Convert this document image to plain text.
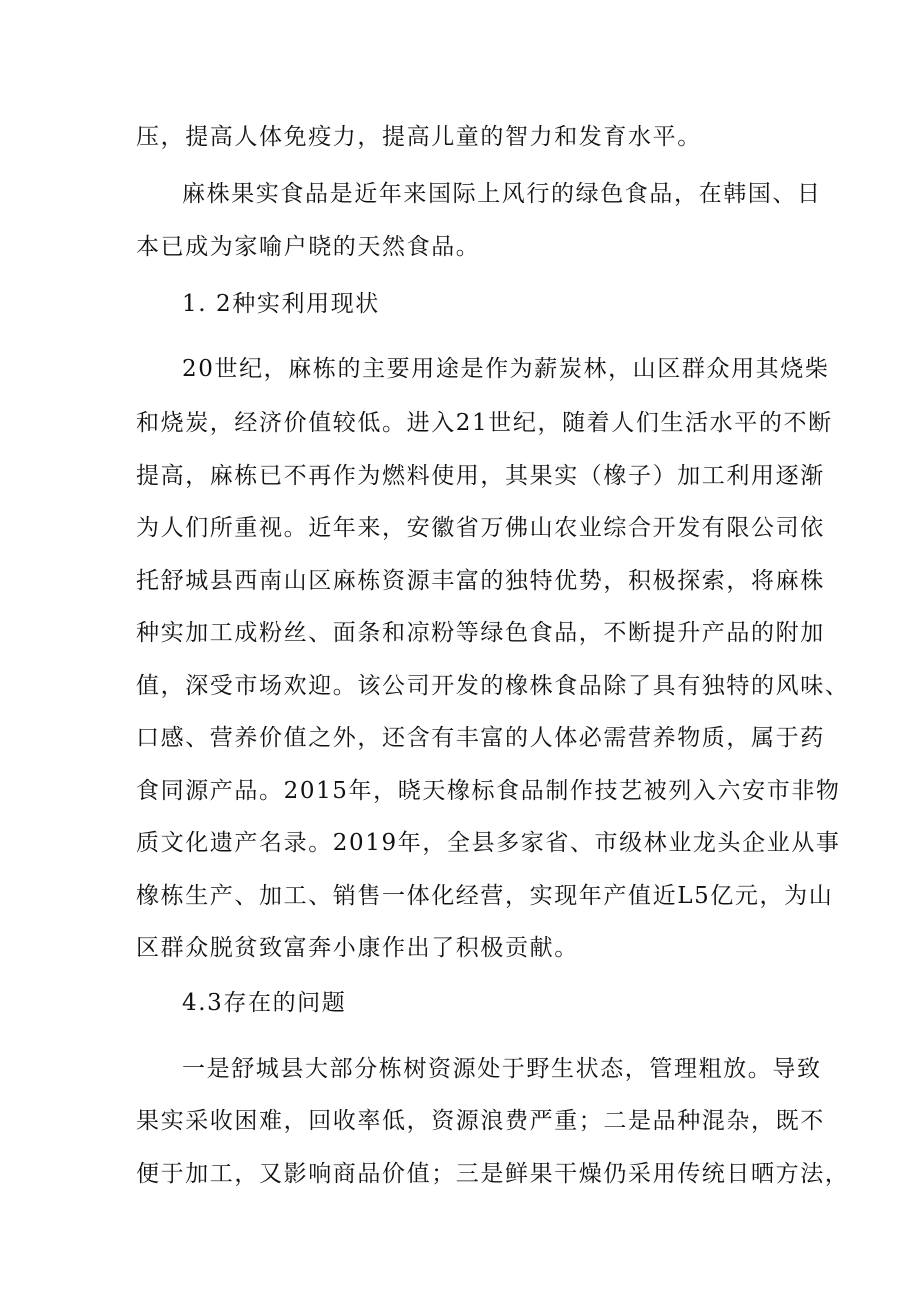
压，提高人体免疫力，提高儿童的智力和发育水平。
麻株果实食品是近年来国际上风行的绿色食品，在韩国、日
本已成为家喻户晓的天然食品。
1. 2种实利用现状
20世纪，麻栋的主要用途是作为薪炭林，山区群众用其烧柴
和烧炭，经济价值较低。进入21世纪，随着人们生活水平的不断
提高，麻栋已不再作为燃料使用，其果实（橡子）加工利用逐渐
为人们所重视。近年来，安徽省万佛山农业综合开发有限公司依
托舒城县西南山区麻栋资源丰富的独特优势，积极探索，将麻株
种实加工成粉丝、面条和凉粉等绿色食品，不断提升产品的附加
值，深受市场欢迎。该公司开发的橡株食品除了具有独特的风味、
口感、营养价值之外，还含有丰富的人体必需营养物质，属于药
食同源产品。2015年，晓天橡标食品制作技艺被列入六安市非物
质文化遗产名录。2019年，全县多家省、市级林业龙头企业从事
橡栋生产、加工、销售一体化经营，实现年产值近L5亿元，为山
区群众脱贫致富奔小康作出了积极贡献。
4.3存在的问题
一是舒城县大部分栋树资源处于野生状态，管理粗放。导致
果实采收困难，回收率低，资源浪费严重；二是品种混杂，既不
便于加工，又影响商品价值；三是鲜果干燥仍采用传统日晒方法，
